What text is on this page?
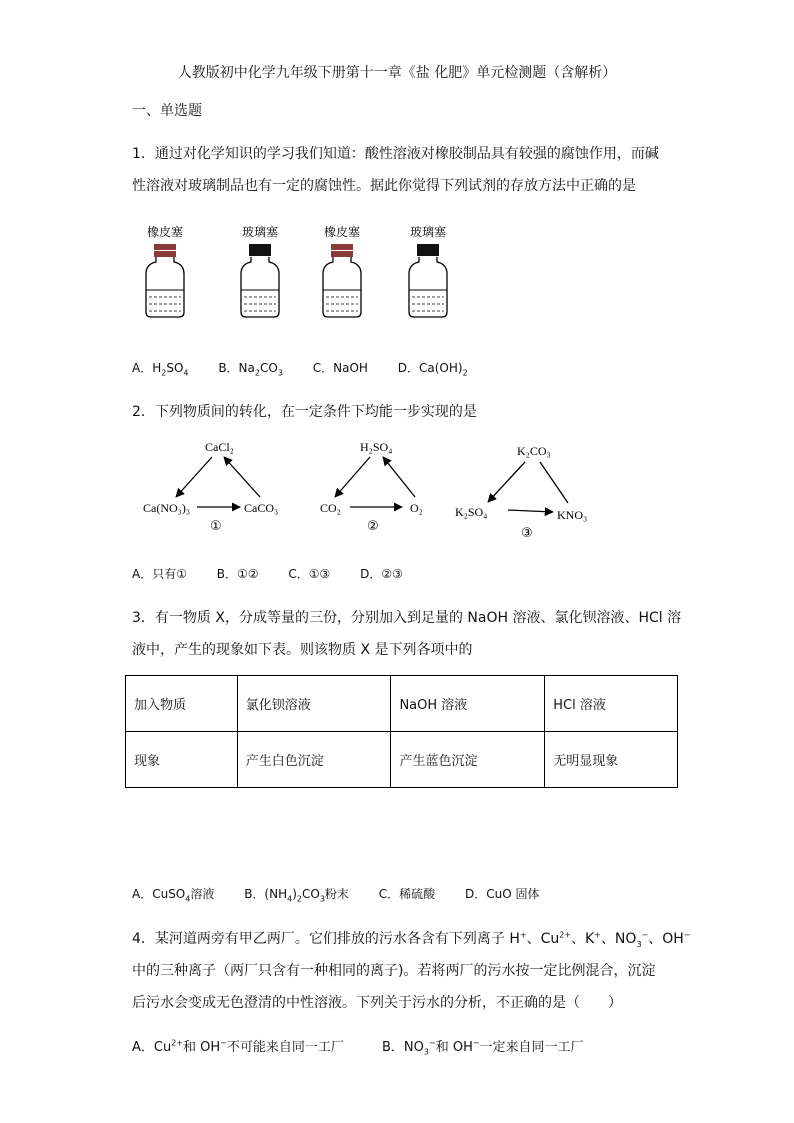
人教版初中化学九年级下册第十一章《盐 化肥》单元检测题（含解析）
一、单选题
1．通过对化学知识的学习我们知道：酸性溶液对橡胶制品具有较强的腐蚀作用，而碱
性溶液对玻璃制品也有一定的腐蚀性。据此你觉得下列试剂的存放方法中正确的是
橡皮塞	玻璃塞	橡皮塞	玻璃塞
A．$H_2SO_4$ B．$Na_2CO_3$ C．NaOH D．$Ca(OH)_2$
2．下列物质间的转化，在一定条件下均能一步实现的是
CaCl₂
Ca(NO₃)₃	CaCO₃
①
H₂SO₄
CO₂	O₂
②
K₂CO₃
K₂SO₄	KNO₃
③
A．只有① B．①② C．①③ D．②③
3．有一物质 X，分成等量的三份，分别加入到足量的 NaOH 溶液、氯化钡溶液、HCl 溶
液中，产生的现象如下表。则该物质 X 是下列各项中的
加入物质	氯化钡溶液	NaOH 溶液	HCl 溶液
现象	产生白色沉淀	产生蓝色沉淀	无明显现象
A．CuSO$_4$溶液 B．$(NH_4)_2CO_3$粉末 C．稀硫酸 D．CuO 固体
4．某河道两旁有甲乙两厂。它们排放的污水各含有下列离子 H+、$Cu^{2+}$、K+、$NO_3^-$、OH−
中的三种离子（两厂只含有一种相同的离子)。若将两厂的污水按一定比例混合，沉淀
后污水会变成无色澄清的中性溶液。下列关于污水的分析，不正确的是（　　）
A．$Cu^{2+}$和 OH−不可能来自同一工厂	B．$NO_3^-$和 OH−一定来自同一工厂
